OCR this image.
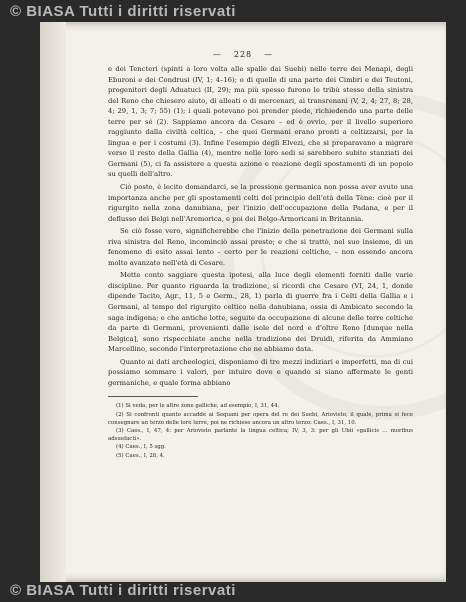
© BIASA Tutti i diritti riservati
— 228 —

e dei Tencteri (spinti a loro volta alle spalle dai Suebi) nelle terre dei Menapi, degli Eburoni e dei Condrusi (IV, 1; 4–16); o di quelle di una parte dei Cimbri e dei Teutoni, progenitori degli Aduatuci (II, 29); ma più spesso furono le tribù stesse della sinistra del Reno che chiesero aiuto, di alleati o di mercenari, ai transrenani (V, 2, 4; 27, 8; 28, 4; 29, 1, 3; 7; 55) (1); i quali potevano poi prender piede, richiedendo una parte delle terre per sé (2). Sappiamo ancora da Cesare – ed è ovvio, per il livello superiore raggiunto dalla civiltà celtica, – che quei Germani erano pronti a celtizzarsi, per la lingua e per i costumi (3). Infine l'esempio degli Elvezi, che si preparavano a migrare verso il resto della Gallia (4), mentre nelle loro sedi si sarebbero subito stanziati dei Germani (5), ci fa assistere a questa azione e reazione degli spostamenti di un popolo su quelli dell'altro.

Ciò posto, è lecito domandarci, se la pressione germanica non possa aver avuto una importanza anche per gli spostamenti celti del principio dell'età della Tène: cioè per il rigurgito nella zona danubiana, per l'inizio dell'occupazione della Padana, e per il deflusso dei Belgi nell'Aremorica, e poi dei Belgo-Armoricani in Britannia.

Se ciò fosse vero, significherebbe che l'inizio della penetrazione dei Germani sulla riva sinistra del Reno, incominciò assai presto; e che si trattò, nel suo insieme, di un fenomeno di esito assai lento – certo per le reazioni celtiche, – non essendo ancora molto avanzato nell'età di Cesare.

Mette conto saggiare questa ipotesi, alla luce degli elementi forniti dalle varie discipline. Per quanto riguarda la tradizione, si ricordi che Cesare (VI, 24, 1, donde dipende Tacito, Agr., 11, 5 e Germ., 28, 1) parla di guerre fra i Celti della Gallia e i Germani, al tempo del rigurgito celtico nella danubiana, ossia di Ambicato secondo la saga indigena; e che antiche lotte, seguite da occupazione di alcune delle terre celtiche da parte di Germani, provenienti dalle isole del nord e d'oltre Reno [dunque nella Belgica], sono rispecchiate anche nella tradizione dei Druidi, riferita da Ammiano Marcellino, secondo l'interpretazione che ne abbiamo data.

Quanto ai dati archeologici, disponiamo di tre mezzi indiziari e imperfetti, ma di cui possiamo sommare i valori, per intuire dove e quando si siano affermate le genti germaniche, e quale forma abbiano

(1) Si veda, per le altre zone galliche, ad esempio, I, 31, 44.

(2) Si confronti quanto accadde ai Sequani per opera del re dei Suebi, Ariovisto, il quale, prima si fece consegnare un terzo delle loro terre, poi ne richiese ancora un altro terzo: Caes., I, 31, 10.

(3) Caes., I, 47, 4: per Ariovisto parlante la lingua celtica; IV, 3, 3: per gli Ubii «gallicis ... moribus adsuefacti».

(4) Caes., I, 5 sgg.

(5) Caes., I, 28, 4.

© BIASA Tutti i diritti riservati
